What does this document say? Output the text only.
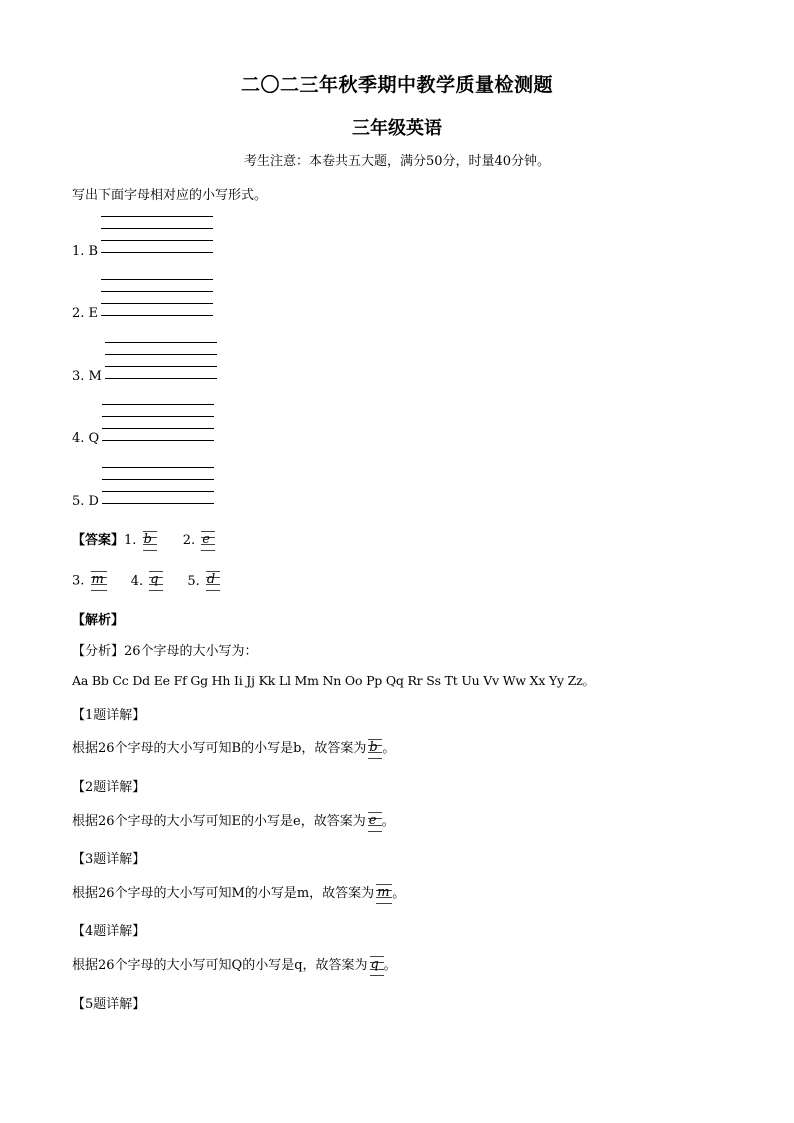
二〇二三年秋季期中教学质量检测题
三年级英语
考生注意：本卷共五大题，满分50分，时量40分钟。
写出下面字母相对应的小写形式。
1. B
2. E
3. M
4. Q
5. D
【答案】1. b 2. e
3. m 4. q 5. d
【解析】
【分析】26个字母的大小写为：
Aa Bb Cc Dd Ee Ff Gg Hh Ii Jj Kk Ll Mm Nn Oo Pp Qq Rr Ss Tt Uu Vv Ww Xx Yy Zz。
【1题详解】
根据26个字母的大小写可知B的小写是b，故答案为 b 。
【2题详解】
根据26个字母的大小写可知E的小写是e，故答案为 e 。
【3题详解】
根据26个字母的大小写可知M的小写是m，故答案为 m 。
【4题详解】
根据26个字母的大小写可知Q的小写是q，故答案为 q 。
【5题详解】
